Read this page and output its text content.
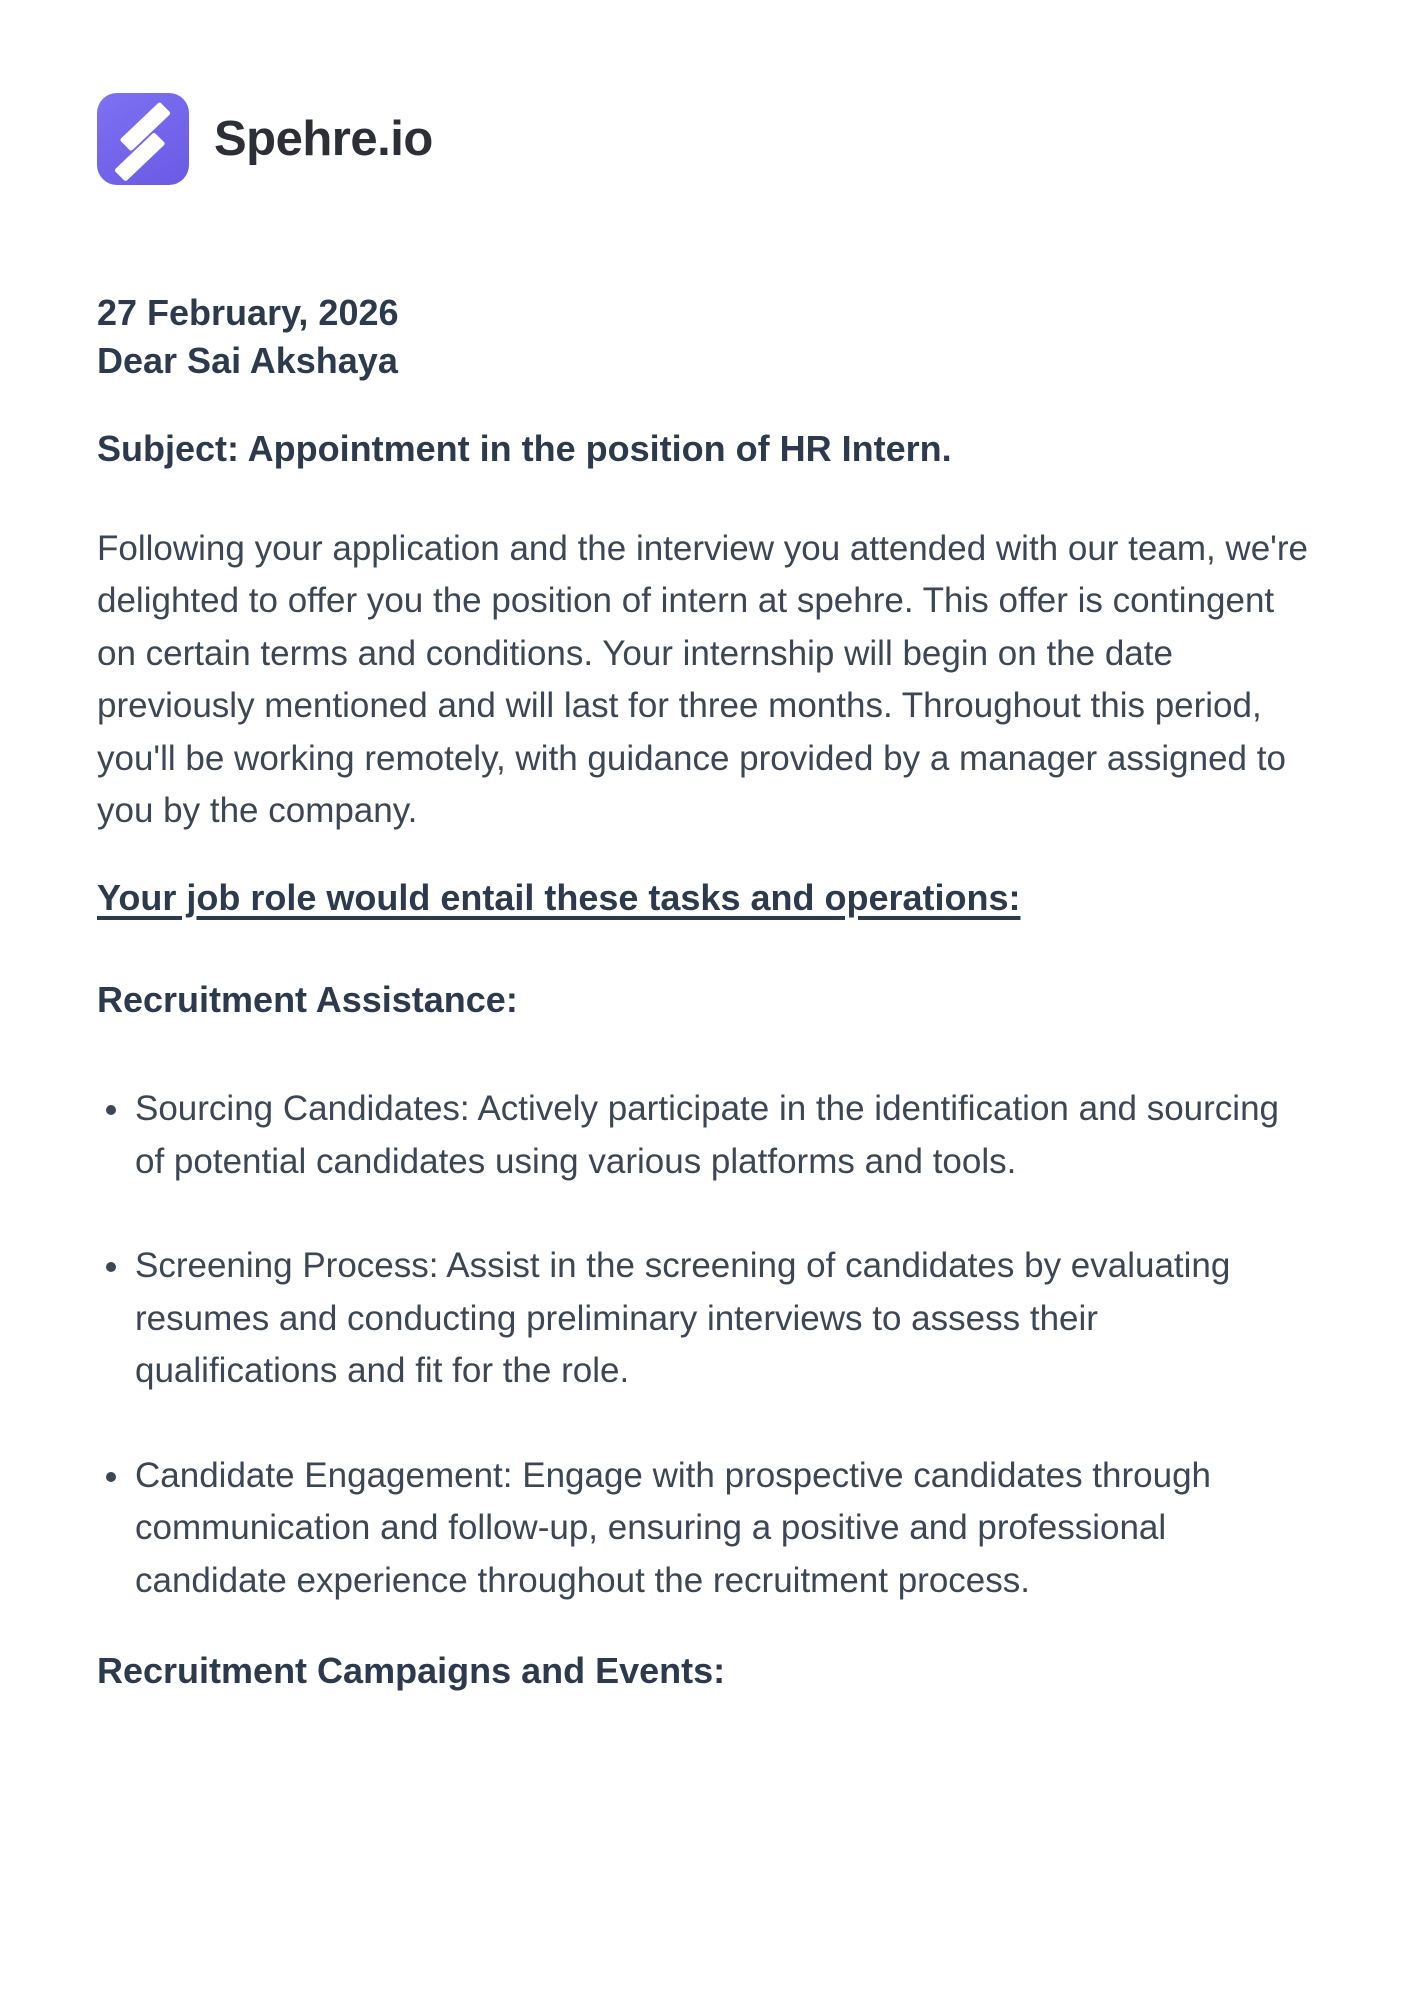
Spehre.io
27 February, 2026
Dear Sai Akshaya
Subject: Appointment in the position of HR Intern.

Following your application and the interview you attended with our team, we're delighted to offer you the position of intern at spehre. This offer is contingent on certain terms and conditions. Your internship will begin on the date previously mentioned and will last for three months. Throughout this period, you'll be working remotely, with guidance provided by a manager assigned to you by the company.

Your job role would entail these tasks and operations:
Recruitment Assistance:
• Sourcing Candidates: Actively participate in the identification and sourcing of potential candidates using various platforms and tools.
• Screening Process: Assist in the screening of candidates by evaluating resumes and conducting preliminary interviews to assess their qualifications and fit for the role.
• Candidate Engagement: Engage with prospective candidates through communication and follow-up, ensuring a positive and professional candidate experience throughout the recruitment process.
Recruitment Campaigns and Events:
